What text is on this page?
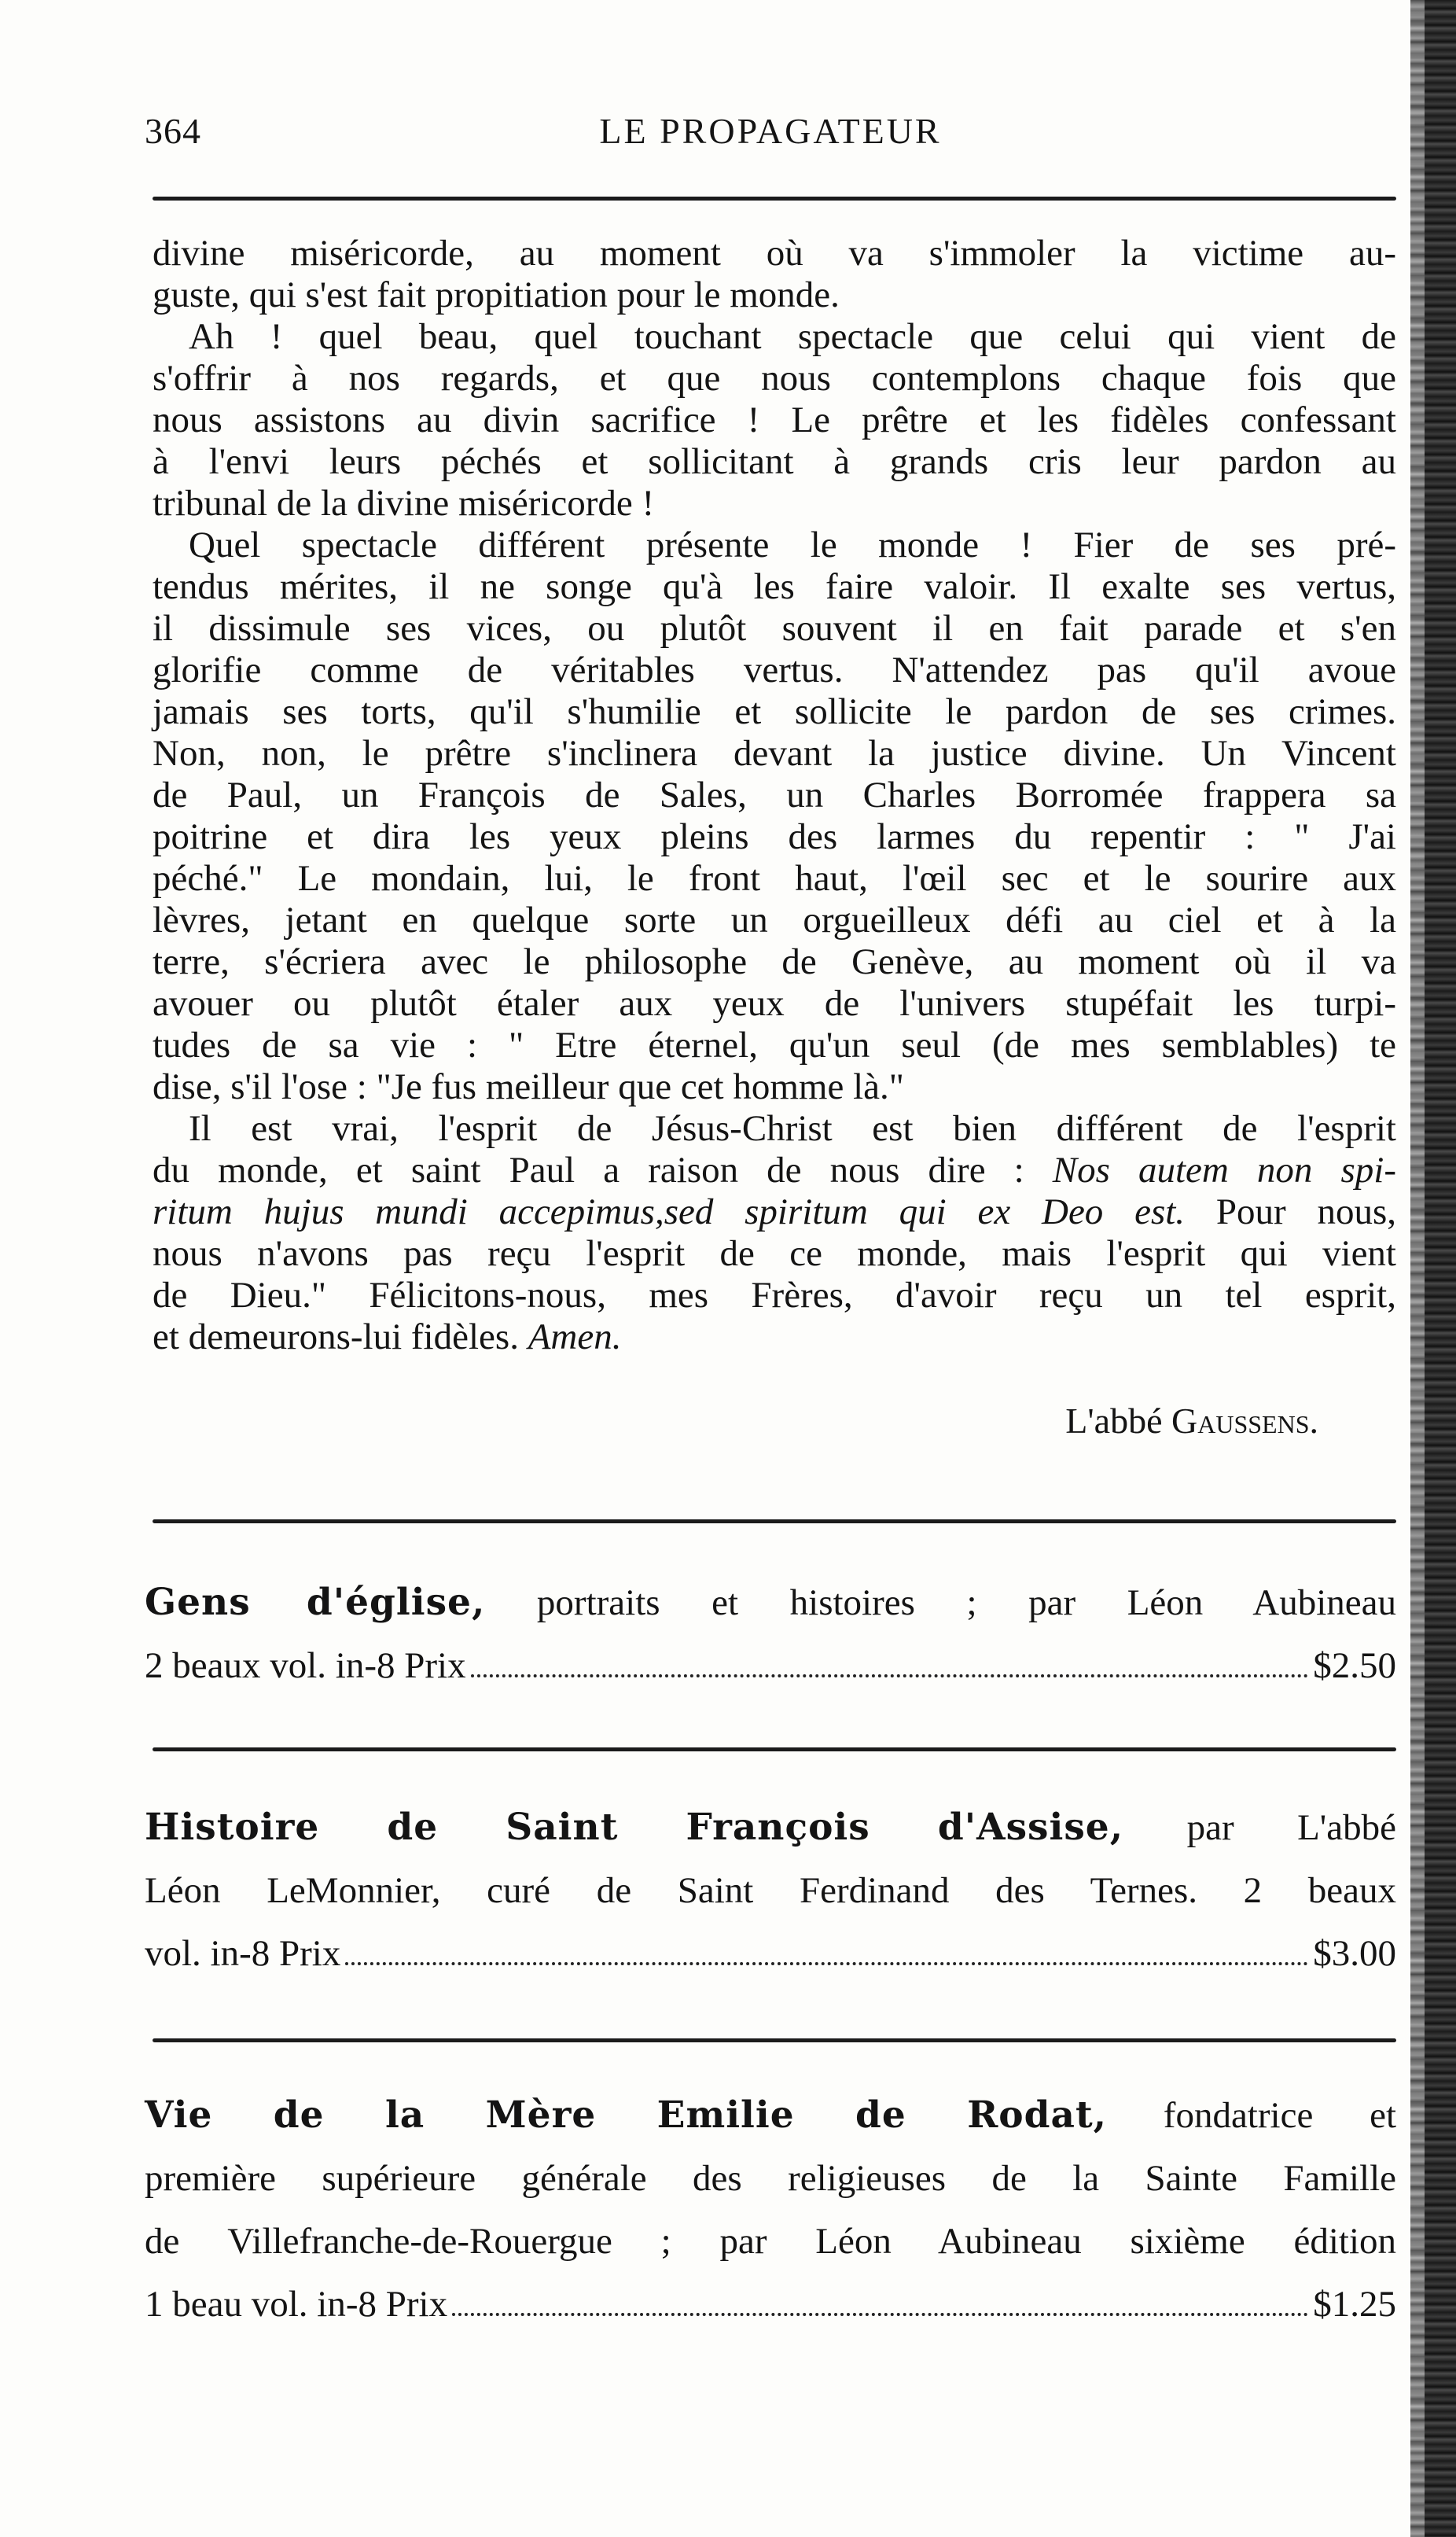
364	LE PROPAGATEUR
divine miséricorde, au moment où va s'immoler la victime au-
guste, qui s'est fait propitiation pour le monde.
Ah ! quel beau, quel touchant spectacle que celui qui vient de
s'offrir à nos regards, et que nous contemplons chaque fois que
nous assistons au divin sacrifice ! Le prêtre et les fidèles confessant
à l'envi leurs péchés et sollicitant à grands cris leur pardon au
tribunal de la divine miséricorde !
Quel spectacle différent présente le monde ! Fier de ses pré-
tendus mérites, il ne songe qu'à les faire valoir. Il exalte ses vertus,
il dissimule ses vices, ou plutôt souvent il en fait parade et s'en
glorifie comme de véritables vertus. N'attendez pas qu'il avoue
jamais ses torts, qu'il s'humilie et sollicite le pardon de ses crimes.
Non, non, le prêtre s'inclinera devant la justice divine. Un Vincent
de Paul, un François de Sales, un Charles Borromée frappera sa
poitrine et dira les yeux pleins des larmes du repentir : " J'ai
péché." Le mondain, lui, le front haut, l'œil sec et le sourire aux
lèvres, jetant en quelque sorte un orgueilleux défi au ciel et à la
terre, s'écriera avec le philosophe de Genève, au moment où il va
avouer ou plutôt étaler aux yeux de l'univers stupéfait les turpi-
tudes de sa vie : " Etre éternel, qu'un seul (de mes semblables) te
dise, s'il l'ose : "Je fus meilleur que cet homme là."
Il est vrai, l'esprit de Jésus-Christ est bien différent de l'esprit
du monde, et saint Paul a raison de nous dire : Nos autem non spi-
ritum hujus mundi accepimus,sed spiritum qui ex Deo est. Pour nous,
nous n'avons pas reçu l'esprit de ce monde, mais l'esprit qui vient
de Dieu." Félicitons-nous, mes Frères, d'avoir reçu un tel esprit,
et demeurons-lui fidèles. Amen.
L'abbé Gaussens.
Gens d'église, portraits et histoires ; par Léon Aubineau
2 beaux vol. in-8 Prix	$2.50
Histoire de Saint François d'Assise, par L'abbé
Léon LeMonnier, curé de Saint Ferdinand des Ternes. 2 beaux
vol. in-8 Prix	$3.00
Vie de la Mère Emilie de Rodat, fondatrice et
première supérieure générale des religieuses de la Sainte Famille
de Villefranche-de-Rouergue ; par Léon Aubineau sixième édition
1 beau vol. in-8 Prix	$1.25
